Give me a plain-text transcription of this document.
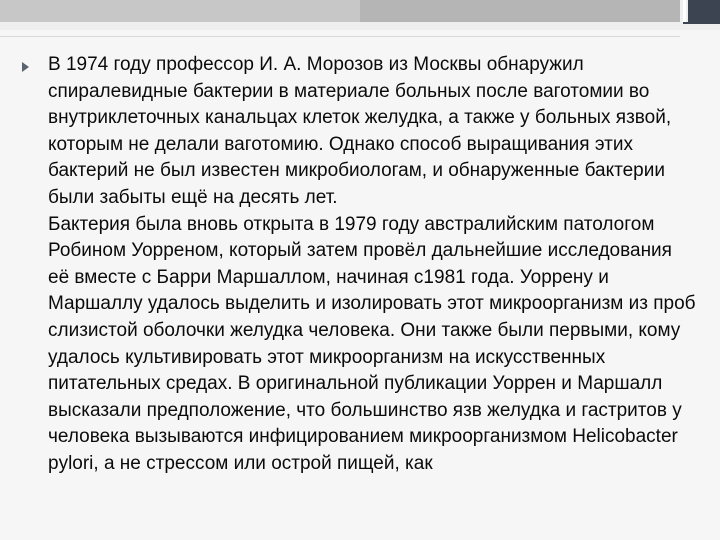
В 1974 году профессор И. А. Морозов из Москвы обнаружил спиралевидные бактерии в материале больных после ваготомии во внутриклеточных канальцах клеток желудка, а также у больных язвой, которым не делали ваготомию. Однако способ выращивания этих бактерий не был известен микробиологам, и обнаруженные бактерии были забыты ещё на десять лет.

Бактерия была вновь открыта в 1979 году австралийским патологом Робином Уорреном, который затем провёл дальнейшие исследования её вместе с Барри Маршаллом, начиная с1981 года. Уоррену и Маршаллу удалось выделить и изолировать этот микроорганизм из проб слизистой оболочки желудка человека. Они также были первыми, кому удалось культивировать этот микроорганизм на искусственных питательных средах. В оригинальной публикации Уоррен и Маршалл высказали предположение, что большинство язв желудка и гастритов у человека вызываются инфицированием микроорганизмом Helicobacter pylori, а не стрессом или острой пищей, как
